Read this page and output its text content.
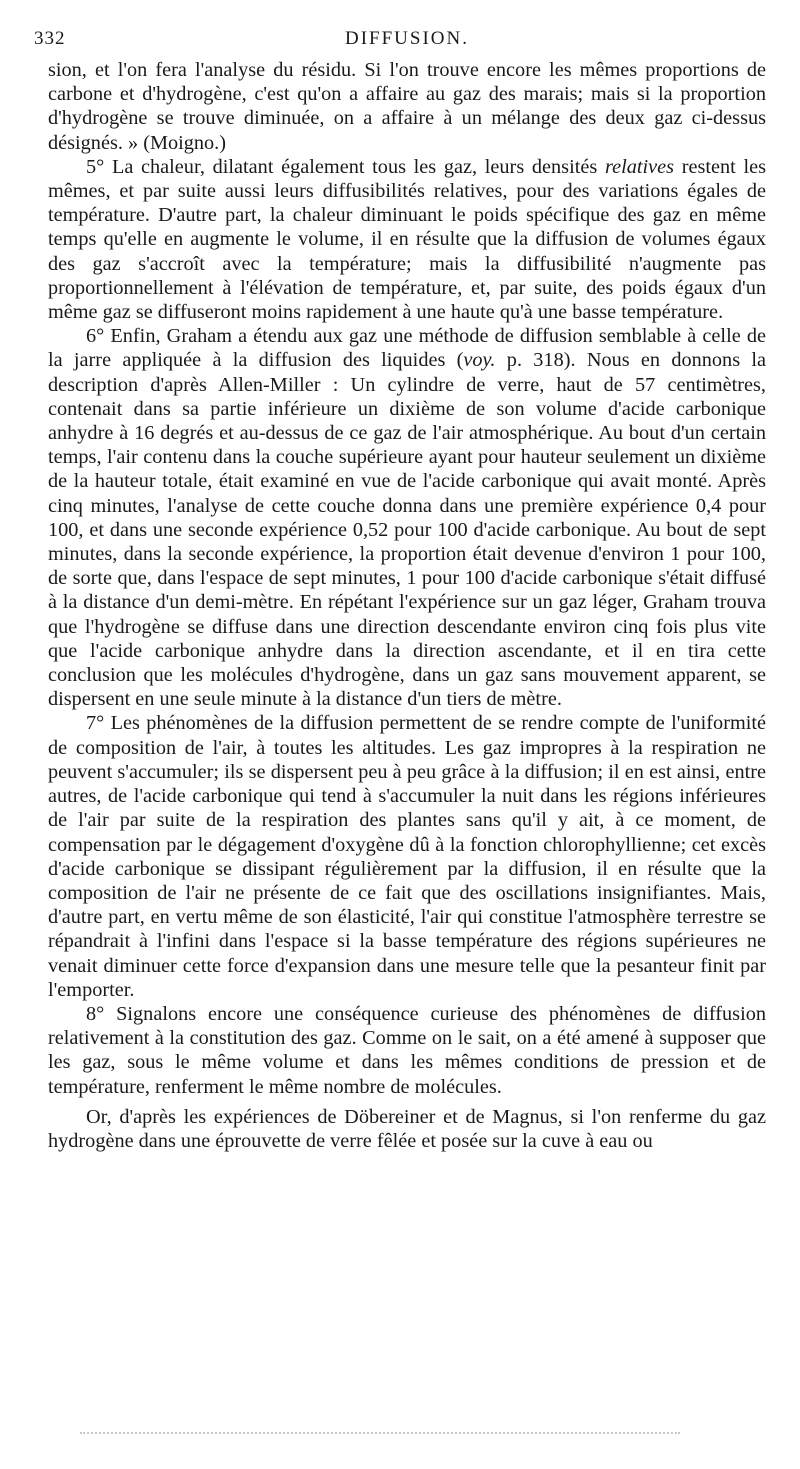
332	DIFFUSION.

sion, et l'on fera l'analyse du résidu. Si l'on trouve encore les mêmes proportions de carbone et d'hydrogène, c'est qu'on a affaire au gaz des marais; mais si la proportion d'hydrogène se trouve diminuée, on a affaire à un mélange des deux gaz ci-dessus désignés. » (Moigno.)

5° La chaleur, dilatant également tous les gaz, leurs densités relatives restent les mêmes, et par suite aussi leurs diffusibilités relatives, pour des variations égales de température. D'autre part, la chaleur diminuant le poids spécifique des gaz en même temps qu'elle en augmente le volume, il en résulte que la diffusion de volumes égaux des gaz s'accroît avec la température; mais la diffusibilité n'augmente pas proportionnellement à l'élévation de température, et, par suite, des poids égaux d'un même gaz se diffuseront moins rapidement à une haute qu'à une basse température.

6° Enfin, Graham a étendu aux gaz une méthode de diffusion semblable à celle de la jarre appliquée à la diffusion des liquides (voy. p. 318). Nous en donnons la description d'après Allen-Miller : Un cylindre de verre, haut de 57 centimètres, contenait dans sa partie inférieure un dixième de son volume d'acide carbonique anhydre à 16 degrés et au-dessus de ce gaz de l'air atmosphérique. Au bout d'un certain temps, l'air contenu dans la couche supérieure ayant pour hauteur seulement un dixième de la hauteur totale, était examiné en vue de l'acide carbonique qui avait monté. Après cinq minutes, l'analyse de cette couche donna dans une première expérience 0,4 pour 100, et dans une seconde expérience 0,52 pour 100 d'acide carbonique. Au bout de sept minutes, dans la seconde expérience, la proportion était devenue d'environ 1 pour 100, de sorte que, dans l'espace de sept minutes, 1 pour 100 d'acide carbonique s'était diffusé à la distance d'un demi-mètre. En répétant l'expérience sur un gaz léger, Graham trouva que l'hydrogène se diffuse dans une direction descendante environ cinq fois plus vite que l'acide carbonique anhydre dans la direction ascendante, et il en tira cette conclusion que les molécules d'hydrogène, dans un gaz sans mouvement apparent, se dispersent en une seule minute à la distance d'un tiers de mètre.

7° Les phénomènes de la diffusion permettent de se rendre compte de l'uniformité de composition de l'air, à toutes les altitudes. Les gaz impropres à la respiration ne peuvent s'accumuler; ils se dispersent peu à peu grâce à la diffusion; il en est ainsi, entre autres, de l'acide carbonique qui tend à s'accumuler la nuit dans les régions inférieures de l'air par suite de la respiration des plantes sans qu'il y ait, à ce moment, de compensation par le dégagement d'oxygène dû à la fonction chlorophyllienne; cet excès d'acide carbonique se dissipant régulièrement par la diffusion, il en résulte que la composition de l'air ne présente de ce fait que des oscillations insignifiantes. Mais, d'autre part, en vertu même de son élasticité, l'air qui constitue l'atmosphère terrestre se répandrait à l'infini dans l'espace si la basse température des régions supérieures ne venait diminuer cette force d'expansion dans une mesure telle que la pesanteur finit par l'emporter.

8° Signalons encore une conséquence curieuse des phénomènes de diffusion relativement à la constitution des gaz. Comme on le sait, on a été amené à supposer que les gaz, sous le même volume et dans les mêmes conditions de pression et de température, renferment le même nombre de molécules.

Or, d'après les expériences de Döbereiner et de Magnus, si l'on renferme du gaz hydrogène dans une éprouvette de verre fêlée et posée sur la cuve à eau ou
